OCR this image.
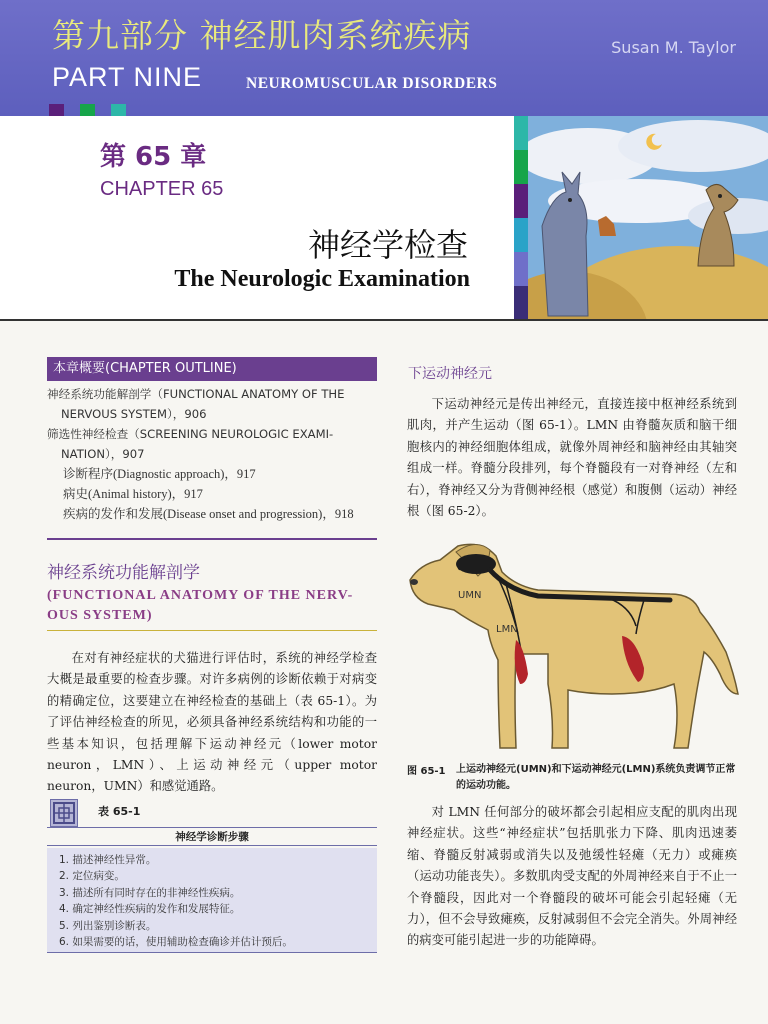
第九部分 神经肌肉系统疾病	Susan M. Taylor
PART NINE	NEUROMUSCULAR DISORDERS
第 65 章
CHAPTER 65
神经学检查
The Neurologic Examination
本章概要(CHAPTER OUTLINE)
神经系统功能解剖学（FUNCTIONAL ANATOMY OF THE NERVOUS SYSTEM），906
筛选性神经检查（SCREENING NEUROLOGIC EXAMI-NATION），907
诊断程序(Diagnostic approach)，917
病史(Animal history)，917
疾病的发作和发展(Disease onset and progression)，918
神经系统功能解剖学
(FUNCTIONAL ANATOMY OF THE NERV-OUS SYSTEM)
在对有神经症状的犬猫进行评估时，系统的神经学检查大概是最重要的检查步骤。对许多病例的诊断依赖于对病变的精确定位，这要建立在神经检查的基础上（表 65-1）。为了评估神经检查的所见，必须具备神经系统结构和功能的一些基本知识，包括理解下运动神经元（lower motor neuron，LMN）、上运动神经元（upper motor neuron，UMN）和感觉通路。
表 65-1
神经学诊断步骤
1. 描述神经性异常。
2. 定位病变。
3. 描述所有同时存在的非神经性疾病。
4. 确定神经性疾病的发作和发展特征。
5. 列出鉴别诊断表。
6. 如果需要的话，使用辅助检查确诊并估计预后。
下运动神经元
下运动神经元是传出神经元，直接连接中枢神经系统到肌肉，并产生运动（图 65-1）。LMN 由脊髓灰质和脑干细胞核内的神经细胞体组成，就像外周神经和脑神经由其轴突组成一样。脊髓分段排列，每个脊髓段有一对脊神经（左和右），脊神经又分为背侧神经根（感觉）和腹侧（运动）神经根（图 65-2）。
UMN
LMN
图 65-1 上运动神经元(UMN)和下运动神经元(LMN)系统负责调节正常的运动功能。
对 LMN 任何部分的破坏都会引起相应支配的肌肉出现神经症状。这些“神经症状”包括肌张力下降、肌肉迅速萎缩、脊髓反射减弱或消失以及弛缓性轻瘫（无力）或瘫痪（运动功能丧失）。多数肌肉受支配的外周神经来自于不止一个脊髓段，因此对一个脊髓段的破坏可能会引起轻瘫（无力），但不会导致瘫痪，反射减弱但不会完全消失。外周神经的病变可能引起进一步的功能障碍。
